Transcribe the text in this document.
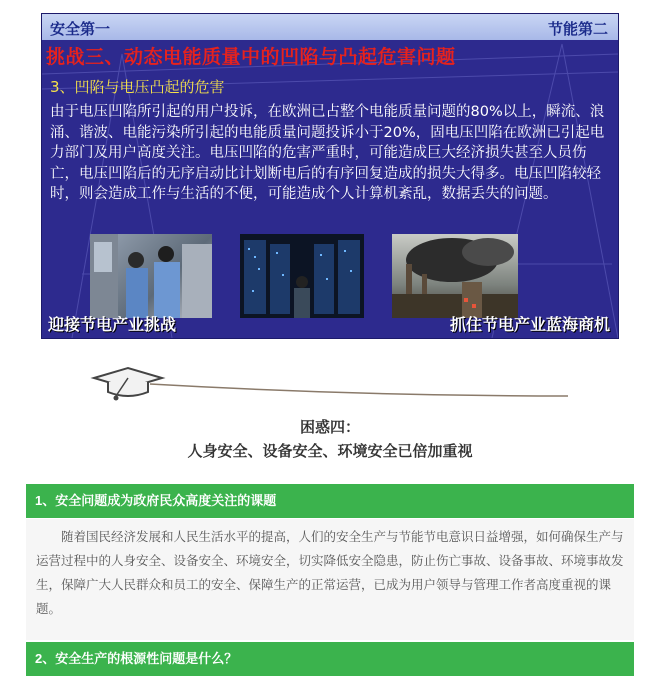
安全第一	节能第二
挑战三、动态电能质量中的凹陷与凸起危害问题
3、凹陷与电压凸起的危害
由于电压凹陷所引起的用户投诉，在欧洲已占整个电能质量问题的80%以上，瞬流、浪涌、谐波、电能污染所引起的电能质量问题投诉小于20%，固电压凹陷在欧洲已引起电力部门及用户高度关注。电压凹陷的危害严重时，可能造成巨大经济损失甚至人员伤亡，电压凹陷后的无序启动比计划断电后的有序回复造成的损失大得多。电压凹陷较轻时，则会造成工作与生活的不便，可能造成个人计算机紊乱，数据丢失的问题。
迎接节电产业挑战	抓住节电产业蓝海商机
困惑四：
人身安全、设备安全、环境安全已倍加重视
1、安全问题成为政府民众高度关注的课题
随着国民经济发展和人民生活水平的提高，人们的安全生产与节能节电意识日益增强，如何确保生产与运营过程中的人身安全、设备安全、环境安全，切实降低安全隐患，防止伤亡事故、设备事故、环境事故发生，保障广大人民群众和员工的安全、保障生产的正常运营，已成为用户领导与管理工作者高度重视的课题。
2、安全生产的根源性问题是什么？
